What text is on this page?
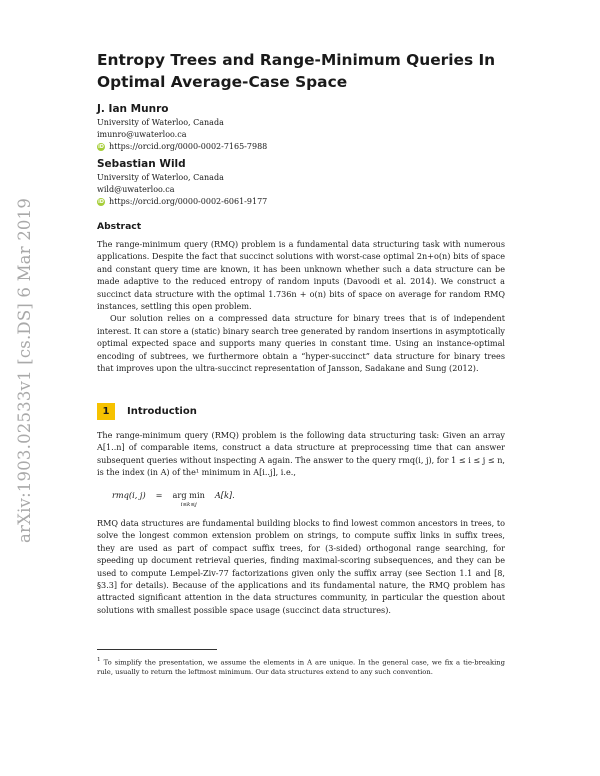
arXiv:1903.02533v1 [cs.DS] 6 Mar 2019
Entropy Trees and Range-Minimum Queries In Optimal Average-Case Space
J. Ian Munro
University of Waterloo, Canada
imunro@uwaterloo.ca
iD https://orcid.org/0000-0002-7165-7988
Sebastian Wild
University of Waterloo, Canada
wild@uwaterloo.ca
iD https://orcid.org/0000-0002-6061-9177
Abstract

The range-minimum query (RMQ) problem is a fundamental data structuring task with numerous applications. Despite the fact that succinct solutions with worst-case optimal 2n+o(n) bits of space and constant query time are known, it has been unknown whether such a data structure can be made adaptive to the reduced entropy of random inputs (Davoodi et al. 2014). We construct a succinct data structure with the optimal 1.736n + o(n) bits of space on average for random RMQ instances, settling this open problem.

Our solution relies on a compressed data structure for binary trees that is of independent interest. It can store a (static) binary search tree generated by random insertions in asymptotically optimal expected space and supports many queries in constant time. Using an instance-optimal encoding of subtrees, we furthermore obtain a “hyper-succinct” data structure for binary trees that improves upon the ultra-succinct representation of Jansson, Sadakane and Sung (2012).

1	Introduction
The range-minimum query (RMQ) problem is the following data structuring task: Given an array A[1..n] of comparable items, construct a data structure at preprocessing time that can answer subsequent queries without inspecting A again. The answer to the query rmq(i, j), for 1 ≤ i ≤ j ≤ n, is the index (in A) of the¹ minimum in A[i..j], i.e.,
rmq(i, j) = arg min
i≤k≤j
A[k].
RMQ data structures are fundamental building blocks to find lowest common ancestors in trees, to solve the longest common extension problem on strings, to compute suffix links in suffix trees, they are used as part of compact suffix trees, for (3-sided) orthogonal range searching, for speeding up document retrieval queries, finding maximal-scoring subsequences, and they can be used to compute Lempel-Ziv-77 factorizations given only the suffix array (see Section 1.1 and [8, §3.3] for details). Because of the applications and its fundamental nature, the RMQ problem has attracted significant attention in the data structures community, in particular the question about solutions with smallest possible space usage (succinct data structures).
$^1$ To simplify the presentation, we assume the elements in A are unique. In the general case, we fix a tie-breaking rule, usually to return the leftmost minimum. Our data structures extend to any such convention.
